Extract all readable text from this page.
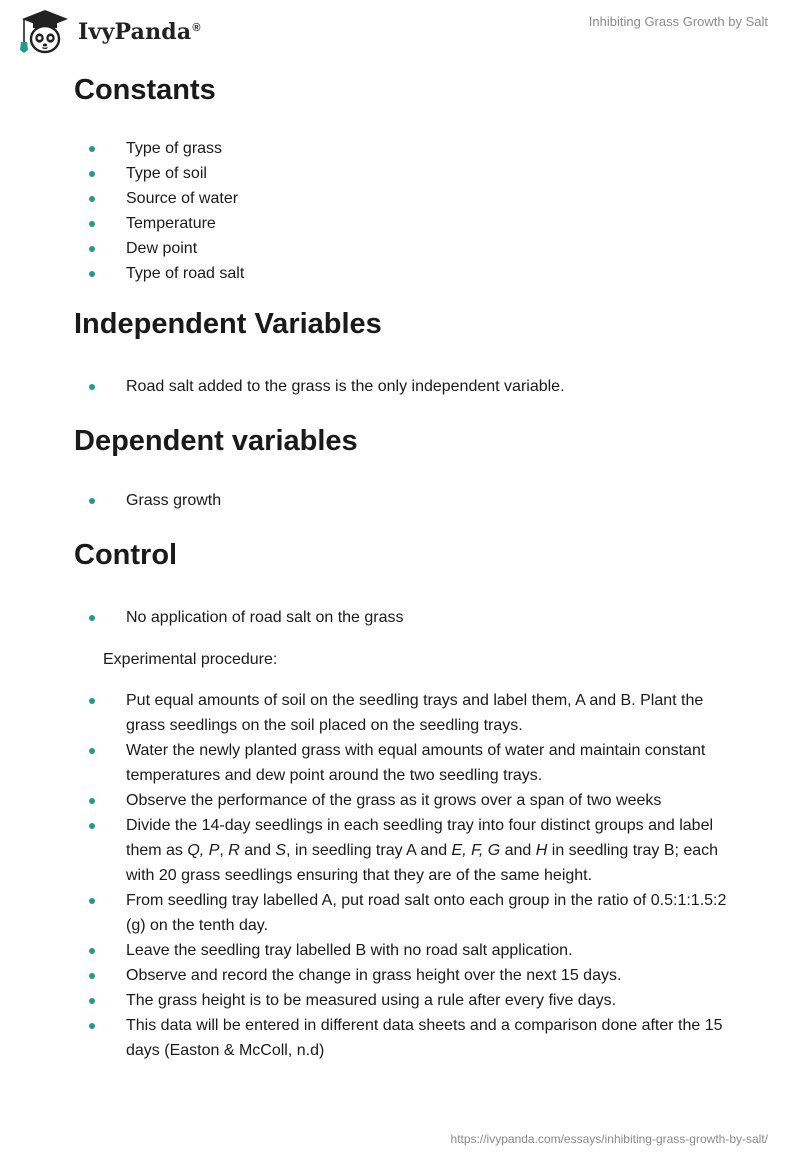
IvyPanda®	Inhibiting Grass Growth by Salt
Constants
Type of grass
Type of soil
Source of water
Temperature
Dew point
Type of road salt
Independent Variables
Road salt added to the grass is the only independent variable.
Dependent variables
Grass growth
Control
No application of road salt on the grass

Experimental procedure:

Put equal amounts of soil on the seedling trays and label them, A and B. Plant the grass seedlings on the soil placed on the seedling trays.
Water the newly planted grass with equal amounts of water and maintain constant temperatures and dew point around the two seedling trays.
Observe the performance of the grass as it grows over a span of two weeks
Divide the 14-day seedlings in each seedling tray into four distinct groups and label them as Q, P, R and S, in seedling tray A and E, F, G and H in seedling tray B; each with 20 grass seedlings ensuring that they are of the same height.
From seedling tray labelled A, put road salt onto each group in the ratio of 0.5:1:1.5:2 (g) on the tenth day.
Leave the seedling tray labelled B with no road salt application.
Observe and record the change in grass height over the next 15 days.
The grass height is to be measured using a rule after every five days.
This data will be entered in different data sheets and a comparison done after the 15 days (Easton & McColl, n.d)
https://ivypanda.com/essays/inhibiting-grass-growth-by-salt/
